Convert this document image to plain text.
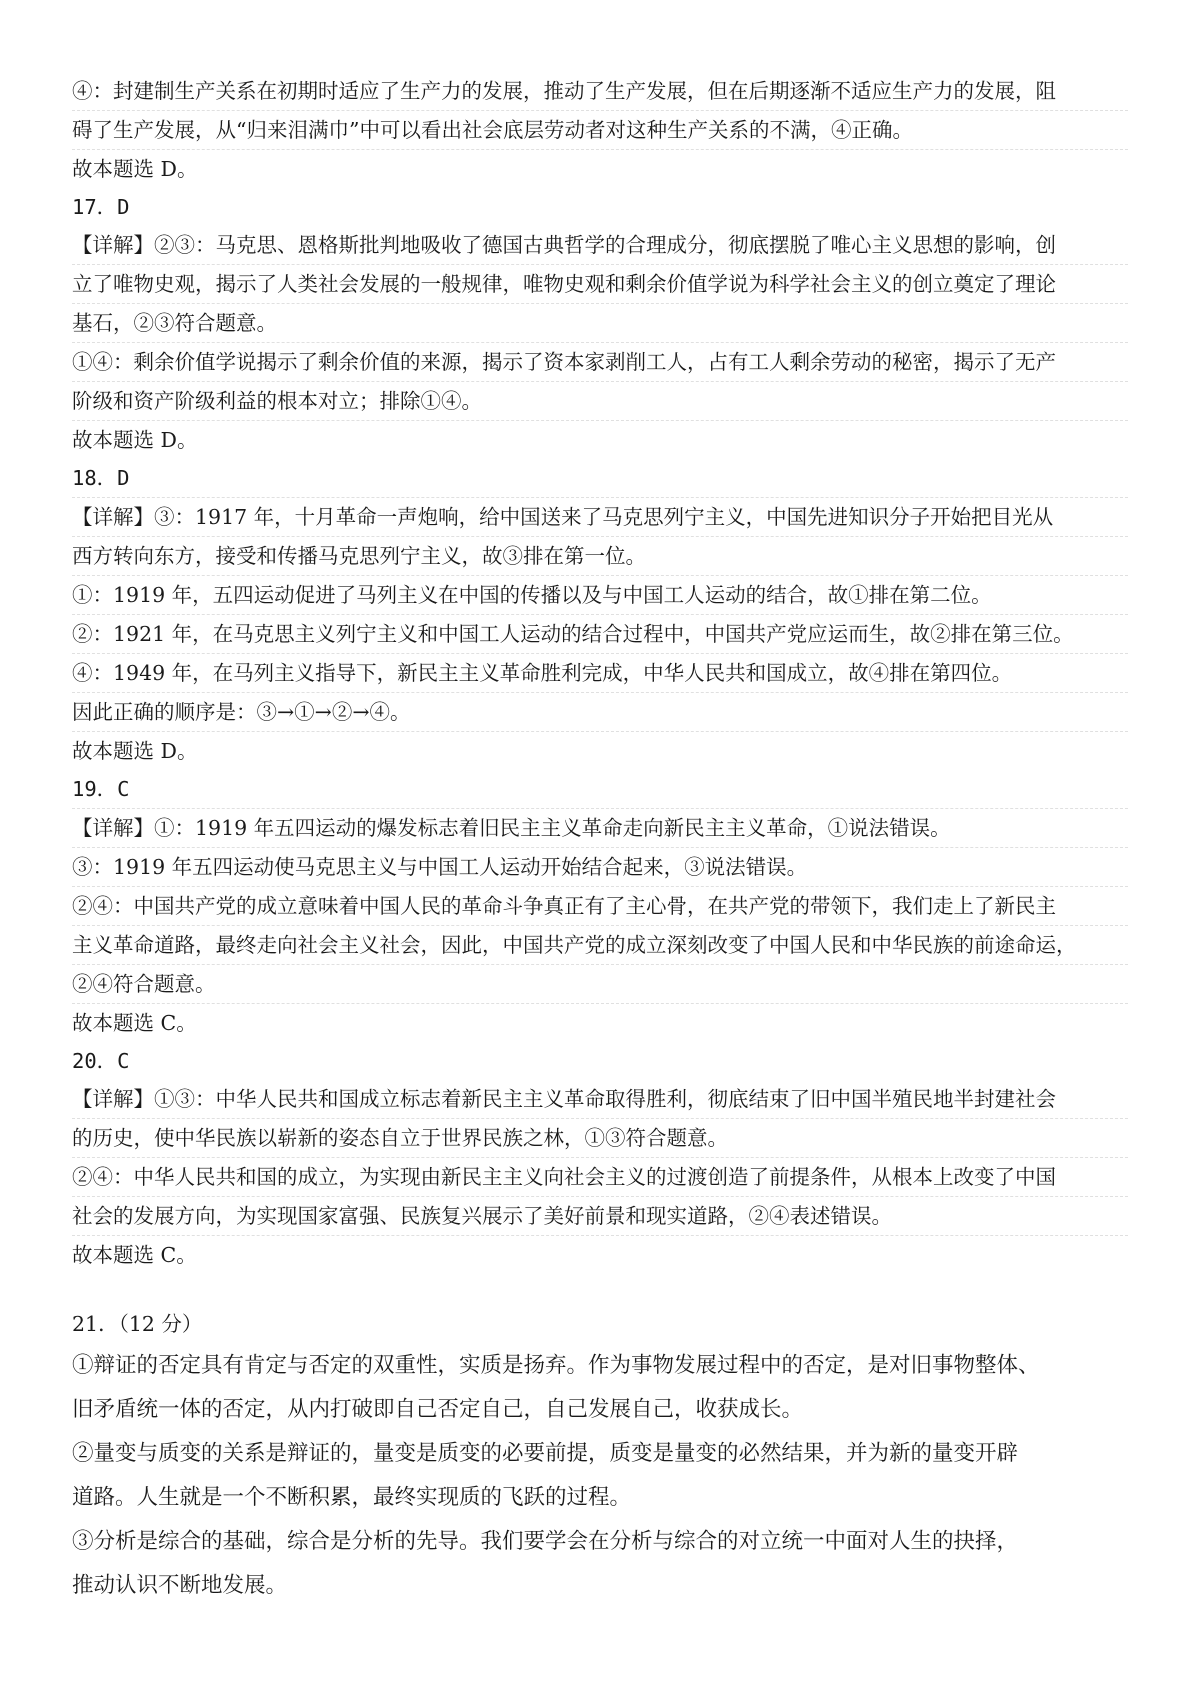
④：封建制生产关系在初期时适应了生产力的发展，推动了生产发展，但在后期逐渐不适应生产力的发展，阻
碍了生产发展，从“归来泪满巾”中可以看出社会底层劳动者对这种生产关系的不满，④正确。
故本题选 D。
17．D
【详解】②③：马克思、恩格斯批判地吸收了德国古典哲学的合理成分，彻底摆脱了唯心主义思想的影响，创
立了唯物史观，揭示了人类社会发展的一般规律，唯物史观和剩余价值学说为科学社会主义的创立奠定了理论
基石，②③符合题意。
①④：剩余价值学说揭示了剩余价值的来源，揭示了资本家剥削工人，占有工人剩余劳动的秘密，揭示了无产
阶级和资产阶级利益的根本对立；排除①④。
故本题选 D。
18．D
【详解】③：1917 年，十月革命一声炮响，给中国送来了马克思列宁主义，中国先进知识分子开始把目光从
西方转向东方，接受和传播马克思列宁主义，故③排在第一位。
①：1919 年，五四运动促进了马列主义在中国的传播以及与中国工人运动的结合，故①排在第二位。
②：1921 年，在马克思主义列宁主义和中国工人运动的结合过程中，中国共产党应运而生，故②排在第三位。
④：1949 年，在马列主义指导下，新民主主义革命胜利完成，中华人民共和国成立，故④排在第四位。
因此正确的顺序是：③→①→②→④。
故本题选 D。
19．C
【详解】①：1919 年五四运动的爆发标志着旧民主主义革命走向新民主主义革命，①说法错误。
③：1919 年五四运动使马克思主义与中国工人运动开始结合起来，③说法错误。
②④：中国共产党的成立意味着中国人民的革命斗争真正有了主心骨，在共产党的带领下，我们走上了新民主
主义革命道路，最终走向社会主义社会，因此，中国共产党的成立深刻改变了中国人民和中华民族的前途命运，
②④符合题意。
故本题选 C。
20．C
【详解】①③：中华人民共和国成立标志着新民主主义革命取得胜利，彻底结束了旧中国半殖民地半封建社会
的历史，使中华民族以崭新的姿态自立于世界民族之林，①③符合题意。
②④：中华人民共和国的成立，为实现由新民主主义向社会主义的过渡创造了前提条件，从根本上改变了中国
社会的发展方向，为实现国家富强、民族复兴展示了美好前景和现实道路，②④表述错误。
故本题选 C。
21．（12 分）
①辩证的否定具有肯定与否定的双重性，实质是扬弃。作为事物发展过程中的否定，是对旧事物整体、
旧矛盾统一体的否定，从内打破即自己否定自己，自己发展自己，收获成长。
②量变与质变的关系是辩证的，量变是质变的必要前提，质变是量变的必然结果，并为新的量变开辟
道路。人生就是一个不断积累，最终实现质的飞跃的过程。
③分析是综合的基础，综合是分析的先导。我们要学会在分析与综合的对立统一中面对人生的抉择，
推动认识不断地发展。
